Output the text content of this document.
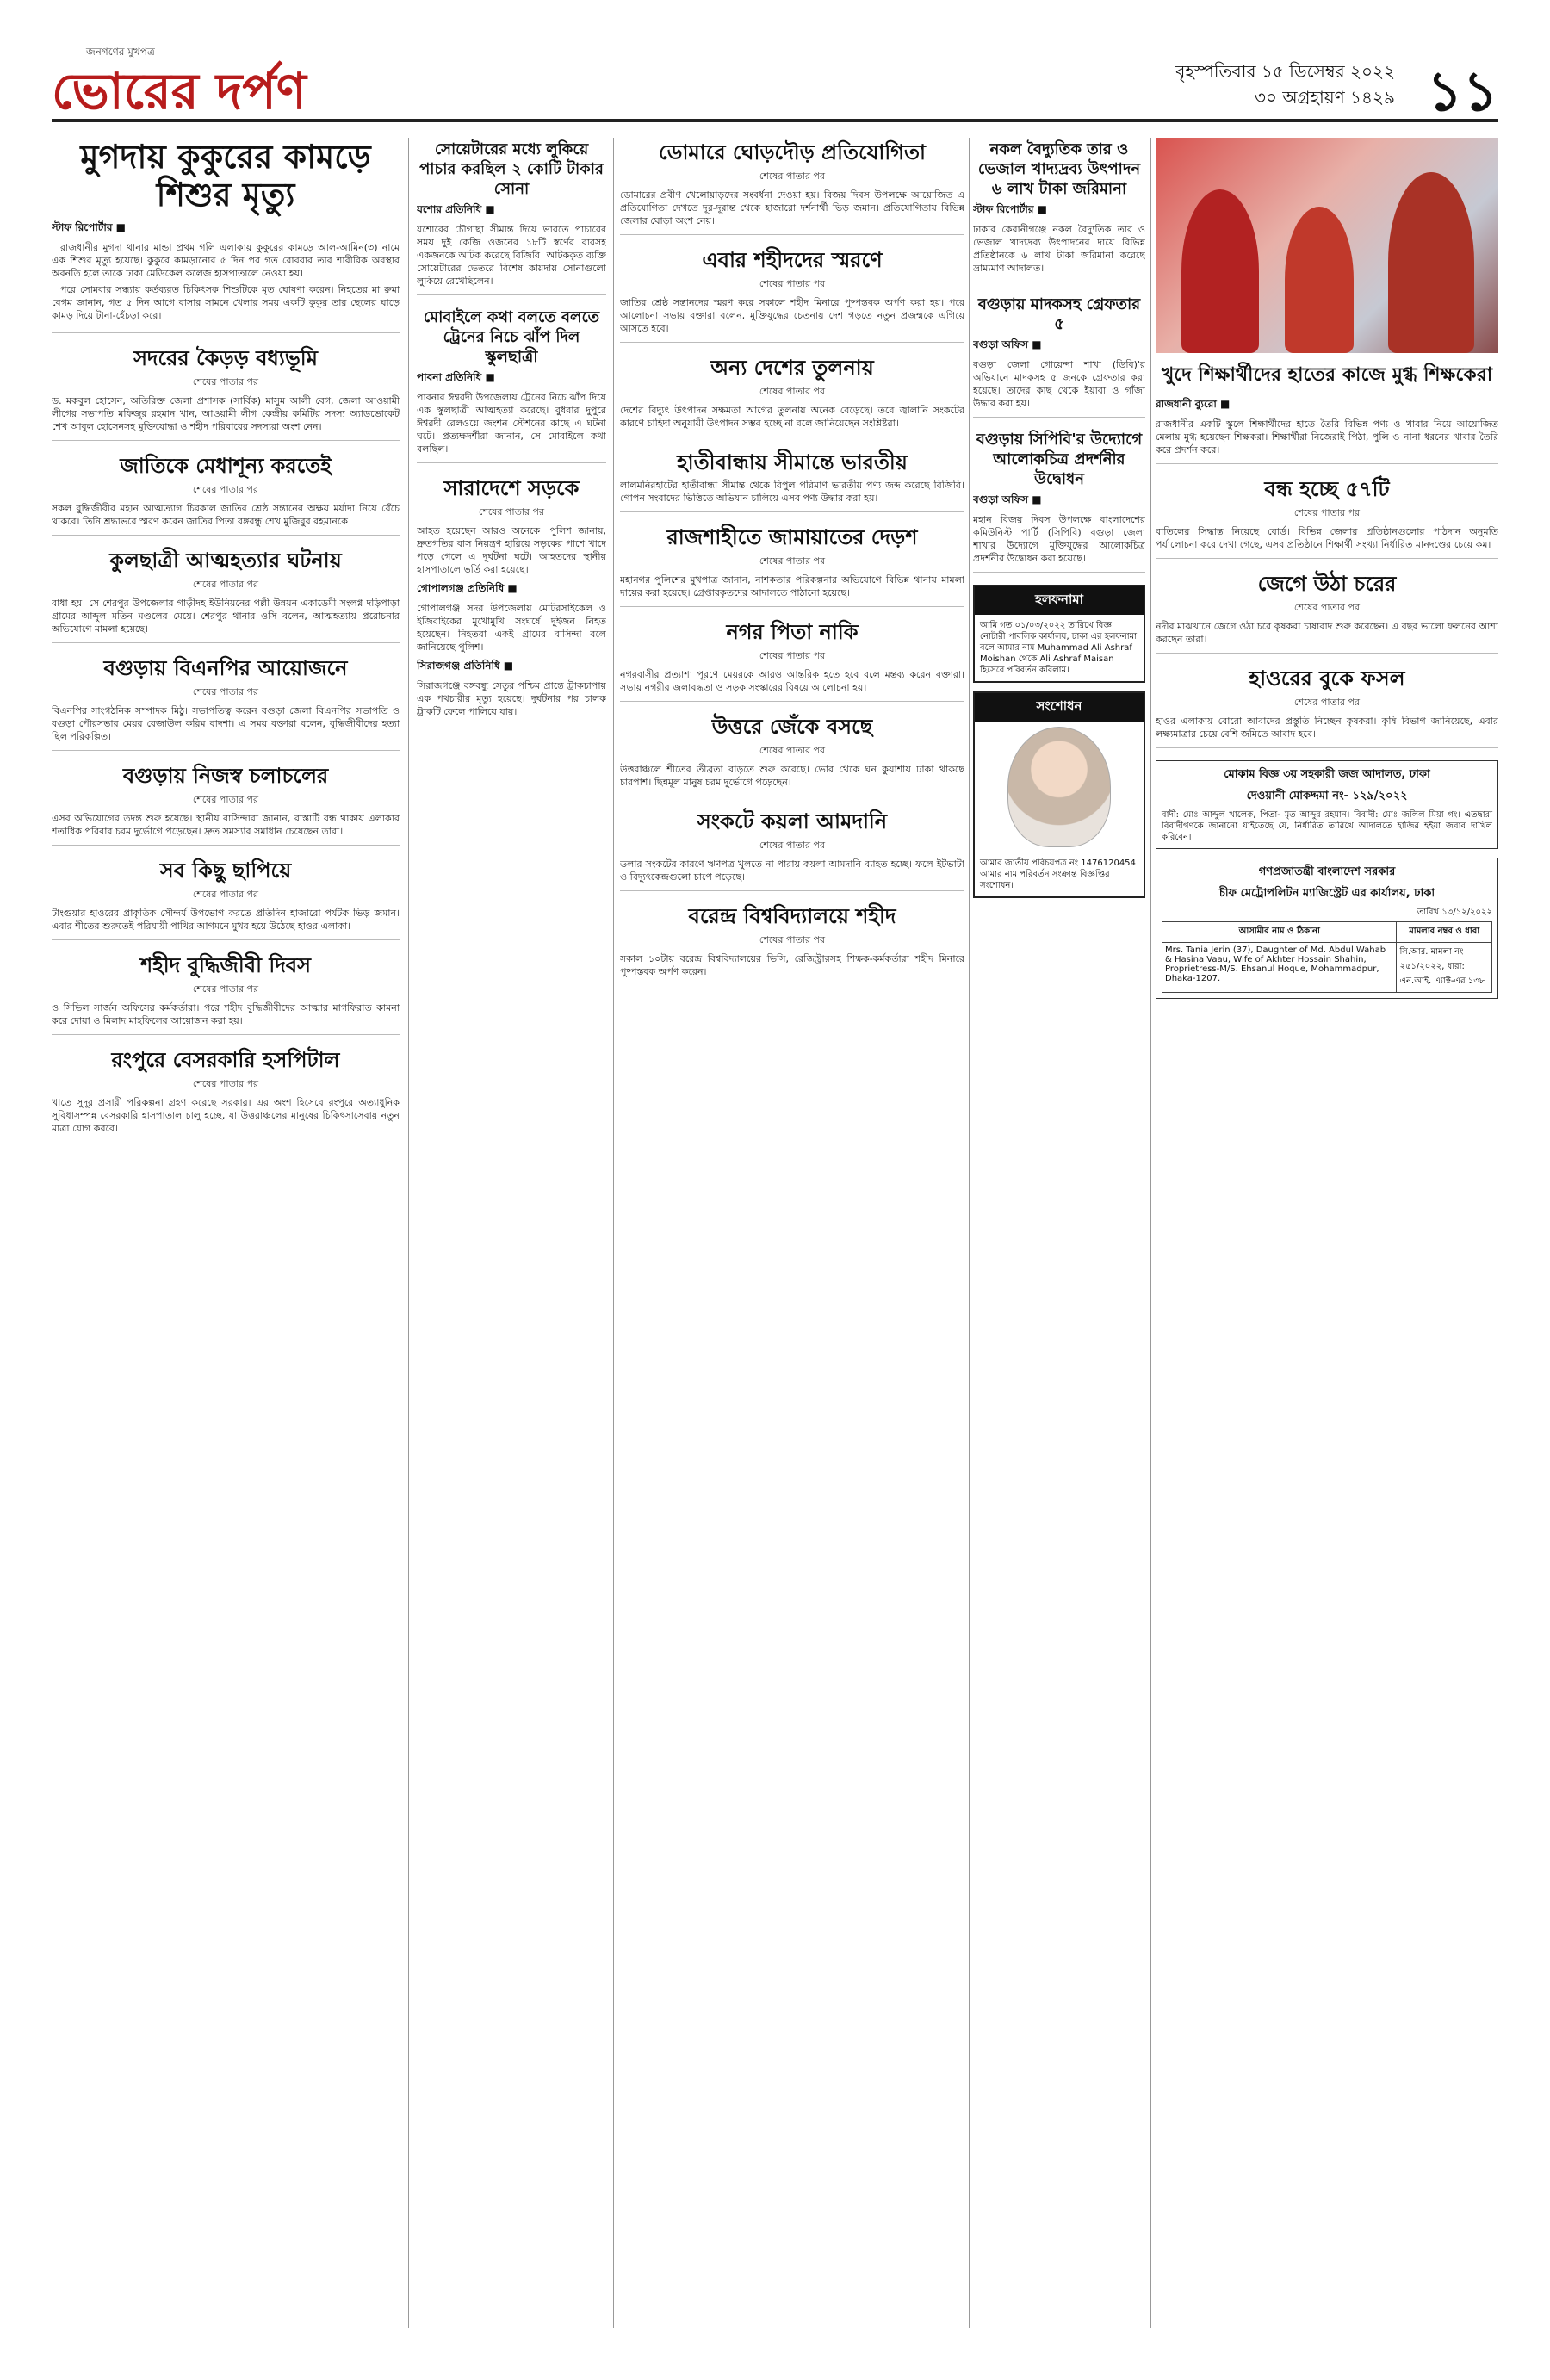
জনগণের মুখপত্র
ভোরের দর্পণ	বৃহস্পতিবার ১৫ ডিসেম্বর ২০২২
৩০ অগ্রহায়ণ ১৪২৯ ১১
মুগদায় কুকুরের কামড়ে শিশুর মৃত্যু
স্টাফ রিপোর্টার ■

রাজধানীর মুগদা থানার মান্ডা প্রথম গলি এলাকায় কুকুরের কামড়ে আল-আমিন(৩) নামে এক শিশুর মৃত্যু হয়েছে। কুকুরে কামড়ানোর ৫ দিন পর গত রোববার তার শারীরিক অবস্থার অবনতি হলে তাকে ঢাকা মেডিকেল কলেজ হাসপাতালে নেওয়া হয়।

পরে সোমবার সন্ধ্যায় কর্তব্যরত চিকিৎসক শিশুটিকে মৃত ঘোষণা করেন। নিহতের মা রুমা বেগম জানান, গত ৫ দিন আগে বাসার সামনে খেলার সময় একটি কুকুর তার ছেলের ঘাড়ে কামড় দিয়ে টানা-হেঁচড়া করে।

সদরের কৈড়ড় বধ্যভূমি
শেষের পাতার পর
ড. মকবুল হোসেন, অতিরিক্ত জেলা প্রশাসক (সার্বিক) মাসুম আলী বেগ, জেলা আওয়ামী লীগের সভাপতি মফিজুর রহমান খান, আওয়ামী লীগ কেন্দ্রীয় কমিটির সদস্য অ্যাডভোকেট শেখ আবুল হোসেনসহ মুক্তিযোদ্ধা ও শহীদ পরিবারের সদস্যরা অংশ নেন।
জাতিকে মেধাশূন্য করতেই
শেষের পাতার পর
সকল বুদ্ধিজীবীর মহান আত্মত্যাগ চিরকাল জাতির শ্রেষ্ঠ সন্তানের অক্ষয় মর্যাদা নিয়ে বেঁচে থাকবে। তিনি শ্রদ্ধাভরে স্মরণ করেন জাতির পিতা বঙ্গবন্ধু শেখ মুজিবুর রহমানকে।
কুলছাত্রী আত্মহত্যার ঘটনায়
শেষের পাতার পর
বাধা হয়। সে শেরপুর উপজেলার গাড়ীদহ ইউনিয়নের পল্লী উন্নয়ন একাডেমী সংলগ্ন দড়িপাড়া গ্রামের আব্দুল মতিন মণ্ডলের মেয়ে। শেরপুর থানার ওসি বলেন, আত্মহত্যায় প্ররোচনার অভিযোগে মামলা হয়েছে।
বগুড়ায় বিএনপির আয়োজনে
শেষের পাতার পর
বিএনপির সাংগঠনিক সম্পাদক মিঠু। সভাপতিত্ব করেন বগুড়া জেলা বিএনপির সভাপতি ও বগুড়া পৌরসভার মেয়র রেজাউল করিম বাদশা। এ সময় বক্তারা বলেন, বুদ্ধিজীবীদের হত্যা ছিল পরিকল্পিত।
বগুড়ায় নিজস্ব চলাচলের
শেষের পাতার পর
এসব অভিযোগের তদন্ত শুরু হয়েছে। স্থানীয় বাসিন্দারা জানান, রাস্তাটি বন্ধ থাকায় এলাকার শতাধিক পরিবার চরম দুর্ভোগে পড়েছেন। দ্রুত সমস্যার সমাধান চেয়েছেন তারা।
সব কিছু ছাপিয়ে
শেষের পাতার পর
টাংগুয়ার হাওরের প্রাকৃতিক সৌন্দর্য উপভোগ করতে প্রতিদিন হাজারো পর্যটক ভিড় জমান। এবার শীতের শুরুতেই পরিযায়ী পাখির আগমনে মুখর হয়ে উঠেছে হাওর এলাকা।
শহীদ বুদ্ধিজীবী দিবস
শেষের পাতার পর
ও সিভিল সার্জন অফিসের কর্মকর্তারা। পরে শহীদ বুদ্ধিজীবীদের আত্মার মাগফিরাত কামনা করে দোয়া ও মিলাদ মাহফিলের আয়োজন করা হয়।
রংপুরে বেসরকারি হসপিটাল
শেষের পাতার পর
খাতে সুদূর প্রসারী পরিকল্পনা গ্রহণ করেছে সরকার। এর অংশ হিসেবে রংপুরে অত্যাধুনিক সুবিধাসম্পন্ন বেসরকারি হাসপাতাল চালু হচ্ছে, যা উত্তরাঞ্চলের মানুষের চিকিৎসাসেবায় নতুন মাত্রা যোগ করবে।
সোয়েটারের মধ্যে লুকিয়ে পাচার করছিল ২ কোটি টাকার সোনা
যশোর প্রতিনিধি ■
যশোরের চৌগাছা সীমান্ত দিয়ে ভারতে পাচারের সময় দুই কেজি ওজনের ১৮টি স্বর্ণের বারসহ একজনকে আটক করেছে বিজিবি। আটককৃত ব্যক্তি সোয়েটারের ভেতরে বিশেষ কায়দায় সোনাগুলো লুকিয়ে রেখেছিলেন।
মোবাইলে কথা বলতে বলতে ট্রেনের নিচে ঝাঁপ দিল স্কুলছাত্রী
পাবনা প্রতিনিধি ■
পাবনার ঈশ্বরদী উপজেলায় ট্রেনের নিচে ঝাঁপ দিয়ে এক স্কুলছাত্রী আত্মহত্যা করেছে। বুধবার দুপুরে ঈশ্বরদী রেলওয়ে জংশন স্টেশনের কাছে এ ঘটনা ঘটে। প্রত্যক্ষদর্শীরা জানান, সে মোবাইলে কথা বলছিল।
সারাদেশে সড়কে
শেষের পাতার পর
আহত হয়েছেন আরও অনেকে। পুলিশ জানায়, দ্রুতগতির বাস নিয়ন্ত্রণ হারিয়ে সড়কের পাশে খাদে পড়ে গেলে এ দুর্ঘটনা ঘটে। আহতদের স্থানীয় হাসপাতালে ভর্তি করা হয়েছে।
গোপালগঞ্জ প্রতিনিধি ■
গোপালগঞ্জ সদর উপজেলায় মোটরসাইকেল ও ইজিবাইকের মুখোমুখি সংঘর্ষে দুইজন নিহত হয়েছেন। নিহতরা একই গ্রামের বাসিন্দা বলে জানিয়েছে পুলিশ।
সিরাজগঞ্জ প্রতিনিধি ■
সিরাজগঞ্জে বঙ্গবন্ধু সেতুর পশ্চিম প্রান্তে ট্রাকচাপায় এক পথচারীর মৃত্যু হয়েছে। দুর্ঘটনার পর চালক ট্রাকটি ফেলে পালিয়ে যায়।
ডোমারে ঘোড়দৌড় প্রতিযোগিতা
শেষের পাতার পর
ডোমারের প্রবীণ খেলোয়াড়দের সংবর্ধনা দেওয়া হয়। বিজয় দিবস উপলক্ষে আয়োজিত এ প্রতিযোগিতা দেখতে দূর-দূরান্ত থেকে হাজারো দর্শনার্থী ভিড় জমান। প্রতিযোগিতায় বিভিন্ন জেলার ঘোড়া অংশ নেয়।
এবার শহীদদের স্মরণে
শেষের পাতার পর
জাতির শ্রেষ্ঠ সন্তানদের স্মরণ করে সকালে শহীদ মিনারে পুষ্পস্তবক অর্পণ করা হয়। পরে আলোচনা সভায় বক্তারা বলেন, মুক্তিযুদ্ধের চেতনায় দেশ গড়তে নতুন প্রজন্মকে এগিয়ে আসতে হবে।
অন্য দেশের তুলনায়
শেষের পাতার পর
দেশের বিদ্যুৎ উৎপাদন সক্ষমতা আগের তুলনায় অনেক বেড়েছে। তবে জ্বালানি সংকটের কারণে চাহিদা অনুযায়ী উৎপাদন সম্ভব হচ্ছে না বলে জানিয়েছেন সংশ্লিষ্টরা।
হাতীবান্ধায় সীমান্তে ভারতীয়
লালমনিরহাটের হাতীবান্ধা সীমান্ত থেকে বিপুল পরিমাণ ভারতীয় পণ্য জব্দ করেছে বিজিবি। গোপন সংবাদের ভিত্তিতে অভিযান চালিয়ে এসব পণ্য উদ্ধার করা হয়।
রাজশাহীতে জামায়াতের দেড়শ
শেষের পাতার পর
মহানগর পুলিশের মুখপাত্র জানান, নাশকতার পরিকল্পনার অভিযোগে বিভিন্ন থানায় মামলা দায়ের করা হয়েছে। গ্রেপ্তারকৃতদের আদালতে পাঠানো হয়েছে।
নগর পিতা নাকি
শেষের পাতার পর
নগরবাসীর প্রত্যাশা পূরণে মেয়রকে আরও আন্তরিক হতে হবে বলে মন্তব্য করেন বক্তারা। সভায় নগরীর জলাবদ্ধতা ও সড়ক সংস্কারের বিষয়ে আলোচনা হয়।
উত্তরে জেঁকে বসছে
শেষের পাতার পর
উত্তরাঞ্চলে শীতের তীব্রতা বাড়তে শুরু করেছে। ভোর থেকে ঘন কুয়াশায় ঢাকা থাকছে চারপাশ। ছিন্নমূল মানুষ চরম দুর্ভোগে পড়েছেন।
সংকটে কয়লা আমদানি
শেষের পাতার পর
ডলার সংকটের কারণে ঋণপত্র খুলতে না পারায় কয়লা আমদানি ব্যাহত হচ্ছে। ফলে ইটভাটা ও বিদ্যুৎকেন্দ্রগুলো চাপে পড়েছে।
বরেন্দ্র বিশ্ববিদ্যালয়ে শহীদ
শেষের পাতার পর
সকাল ১০টায় বরেন্দ্র বিশ্ববিদ্যালয়ের ভিসি, রেজিস্ট্রারসহ শিক্ষক-কর্মকর্তারা শহীদ মিনারে পুষ্পস্তবক অর্পণ করেন।
নকল বৈদ্যুতিক তার ও ভেজাল খাদ্যদ্রব্য উৎপাদন ৬ লাখ টাকা জরিমানা
স্টাফ রিপোর্টার ■
ঢাকার কেরানীগঞ্জে নকল বৈদ্যুতিক তার ও ভেজাল খাদ্যদ্রব্য উৎপাদনের দায়ে বিভিন্ন প্রতিষ্ঠানকে ৬ লাখ টাকা জরিমানা করেছে ভ্রাম্যমাণ আদালত।
বগুড়ায় মাদকসহ গ্রেফতার ৫
বগুড়া অফিস ■
বগুড়া জেলা গোয়েন্দা শাখা (ডিবি)'র অভিযানে মাদকসহ ৫ জনকে গ্রেফতার করা হয়েছে। তাদের কাছ থেকে ইয়াবা ও গাঁজা উদ্ধার করা হয়।
বগুড়ায় সিপিবি'র উদ্যোগে আলোকচিত্র প্রদর্শনীর উদ্বোধন
বগুড়া অফিস ■
মহান বিজয় দিবস উপলক্ষে বাংলাদেশের কমিউনিস্ট পার্টি (সিপিবি) বগুড়া জেলা শাখার উদ্যোগে মুক্তিযুদ্ধের আলোকচিত্র প্রদর্শনীর উদ্বোধন করা হয়েছে।
হলফনামা
আমি গত ০১/০৩/২০২২ তারিখে বিজ্ঞ নোটারী পাবলিক কার্যালয়, ঢাকা এর হলফনামা বলে আমার নাম Muhammad Ali Ashraf Moishan থেকে Ali Ashraf Maisan হিসেবে পরিবর্তন করিলাম।
সংশোধন
আমার জাতীয় পরিচয়পত্র নং 1476120454 আমার নাম পরিবর্তন সংক্রান্ত বিজ্ঞপ্তির সংশোধন।
খুদে শিক্ষার্থীদের হাতের কাজে মুগ্ধ শিক্ষকেরা
রাজধানী ব্যুরো ■
রাজধানীর একটি স্কুলে শিক্ষার্থীদের হাতে তৈরি বিভিন্ন পণ্য ও খাবার নিয়ে আয়োজিত মেলায় মুগ্ধ হয়েছেন শিক্ষকরা। শিক্ষার্থীরা নিজেরাই পিঠা, পুলি ও নানা ধরনের খাবার তৈরি করে প্রদর্শন করে।
বন্ধ হচ্ছে ৫৭টি
শেষের পাতার পর
বাতিলের সিদ্ধান্ত নিয়েছে বোর্ড। বিভিন্ন জেলার প্রতিষ্ঠানগুলোর পাঠদান অনুমতি পর্যালোচনা করে দেখা গেছে, এসব প্রতিষ্ঠানে শিক্ষার্থী সংখ্যা নির্ধারিত মানদণ্ডের চেয়ে কম।
জেগে উঠা চরের
শেষের পাতার পর
নদীর মাঝখানে জেগে ওঠা চরে কৃষকরা চাষাবাদ শুরু করেছেন। এ বছর ভালো ফলনের আশা করছেন তারা।
হাওরের বুকে ফসল
শেষের পাতার পর
হাওর এলাকায় বোরো আবাদের প্রস্তুতি নিচ্ছেন কৃষকরা। কৃষি বিভাগ জানিয়েছে, এবার লক্ষ্যমাত্রার চেয়ে বেশি জমিতে আবাদ হবে।
মোকাম বিজ্ঞ ৩য় সহকারী জজ আদালত, ঢাকা
দেওয়ানী মোকদ্দমা নং- ১২৯/২০২২
বাদী: মোঃ আব্দুল খালেক, পিতা- মৃত আব্দুর রহমান। বিবাদী: মোঃ জলিল মিয়া গং। এতদ্বারা বিবাদীগণকে জানানো যাইতেছে যে, নির্ধারিত তারিখে আদালতে হাজির হইয়া জবাব দাখিল করিবেন।
গণপ্রজাতন্ত্রী বাংলাদেশ সরকার
চীফ মেট্রোপলিটন ম্যাজিস্ট্রেট এর কার্যালয়, ঢাকা
তারিখ ১৩/১২/২০২২
আসামীর নাম ও ঠিকানা	মামলার নম্বর ও ধারা
Mrs. Tania Jerin (37), Daughter of Md. Abdul Wahab & Hasina Vaau, Wife of Akhter Hossain Shahin, Proprietress-M/S. Ehsanul Hoque, Mohammadpur, Dhaka-1207.	সি.আর. মামলা নং ২৫১/২০২২, ধারা: এন.আই. এ্যাক্ট-এর ১৩৮
